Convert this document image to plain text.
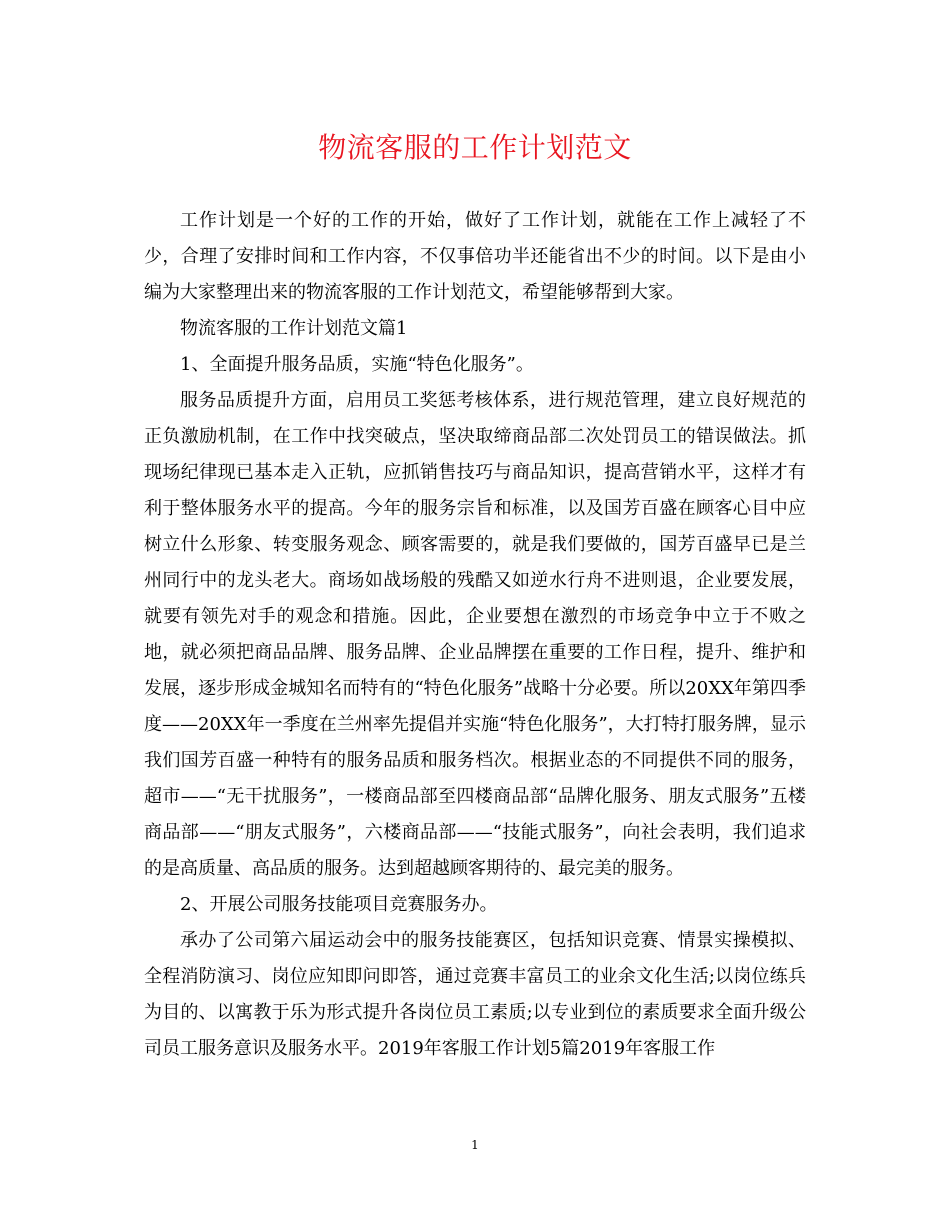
物流客服的工作计划范文

工作计划是一个好的工作的开始，做好了工作计划，就能在工作上减轻了不少，合理了安排时间和工作内容，不仅事倍功半还能省出不少的时间。以下是由小编为大家整理出来的物流客服的工作计划范文，希望能够帮到大家。

物流客服的工作计划范文篇1

1、全面提升服务品质，实施“特色化服务”。

服务品质提升方面，启用员工奖惩考核体系，进行规范管理，建立良好规范的正负激励机制，在工作中找突破点，坚决取缔商品部二次处罚员工的错误做法。抓现场纪律现已基本走入正轨，应抓销售技巧与商品知识，提高营销水平，这样才有利于整体服务水平的提高。今年的服务宗旨和标准，以及国芳百盛在顾客心目中应树立什么形象、转变服务观念、顾客需要的，就是我们要做的，国芳百盛早已是兰州同行中的龙头老大。商场如战场般的残酷又如逆水行舟不进则退，企业要发展，就要有领先对手的观念和措施。因此，企业要想在激烈的市场竞争中立于不败之地，就必须把商品品牌、服务品牌、企业品牌摆在重要的工作日程，提升、维护和发展，逐步形成金城知名而特有的“特色化服务”战略十分必要。所以20XX年第四季度——20XX年一季度在兰州率先提倡并实施“特色化服务”，大打特打服务牌，显示我们国芳百盛一种特有的服务品质和服务档次。根据业态的不同提供不同的服务，超市——“无干扰服务”，一楼商品部至四楼商品部“品牌化服务、朋友式服务”五楼商品部——“朋友式服务”，六楼商品部——“技能式服务”，向社会表明，我们追求的是高质量、高品质的服务。达到超越顾客期待的、最完美的服务。

2、开展公司服务技能项目竞赛服务办。

承办了公司第六届运动会中的服务技能赛区，包括知识竞赛、情景实操模拟、全程消防演习、岗位应知即问即答，通过竞赛丰富员工的业余文化生活;以岗位练兵为目的、以寓教于乐为形式提升各岗位员工素质;以专业到位的素质要求全面升级公司员工服务意识及服务水平。2019年客服工作计划5篇2019年客服工作

1
